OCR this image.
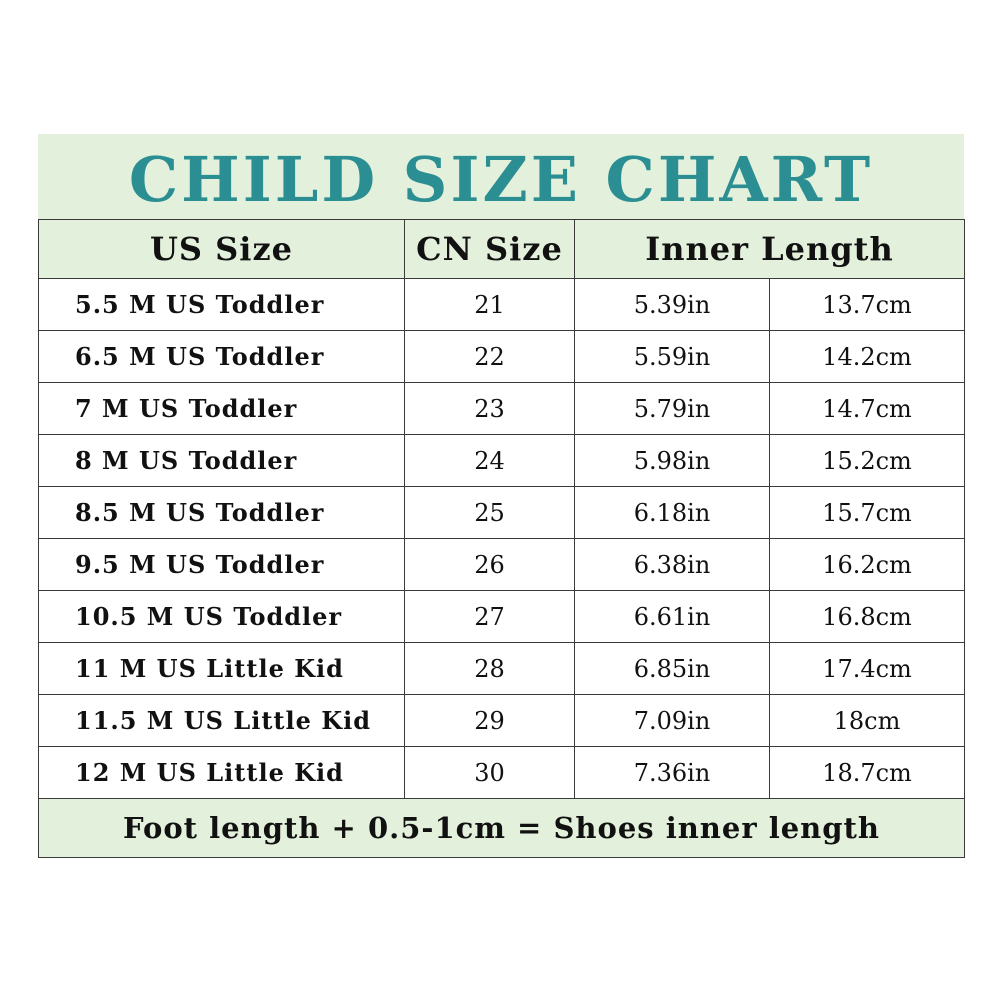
CHILD SIZE CHART
US Size	CN Size	Inner Length	
5.5 M US Toddler	21	5.39in	13.7cm
6.5 M US Toddler	22	5.59in	14.2cm
7 M US Toddler	23	5.79in	14.7cm
8 M US Toddler	24	5.98in	15.2cm
8.5 M US Toddler	25	6.18in	15.7cm
9.5 M US Toddler	26	6.38in	16.2cm
10.5 M US Toddler	27	6.61in	16.8cm
11 M US Little Kid	28	6.85in	17.4cm
11.5 M US Little Kid	29	7.09in	18cm
12 M US Little Kid	30	7.36in	18.7cm
Foot length + 0.5-1cm = Shoes inner length			
